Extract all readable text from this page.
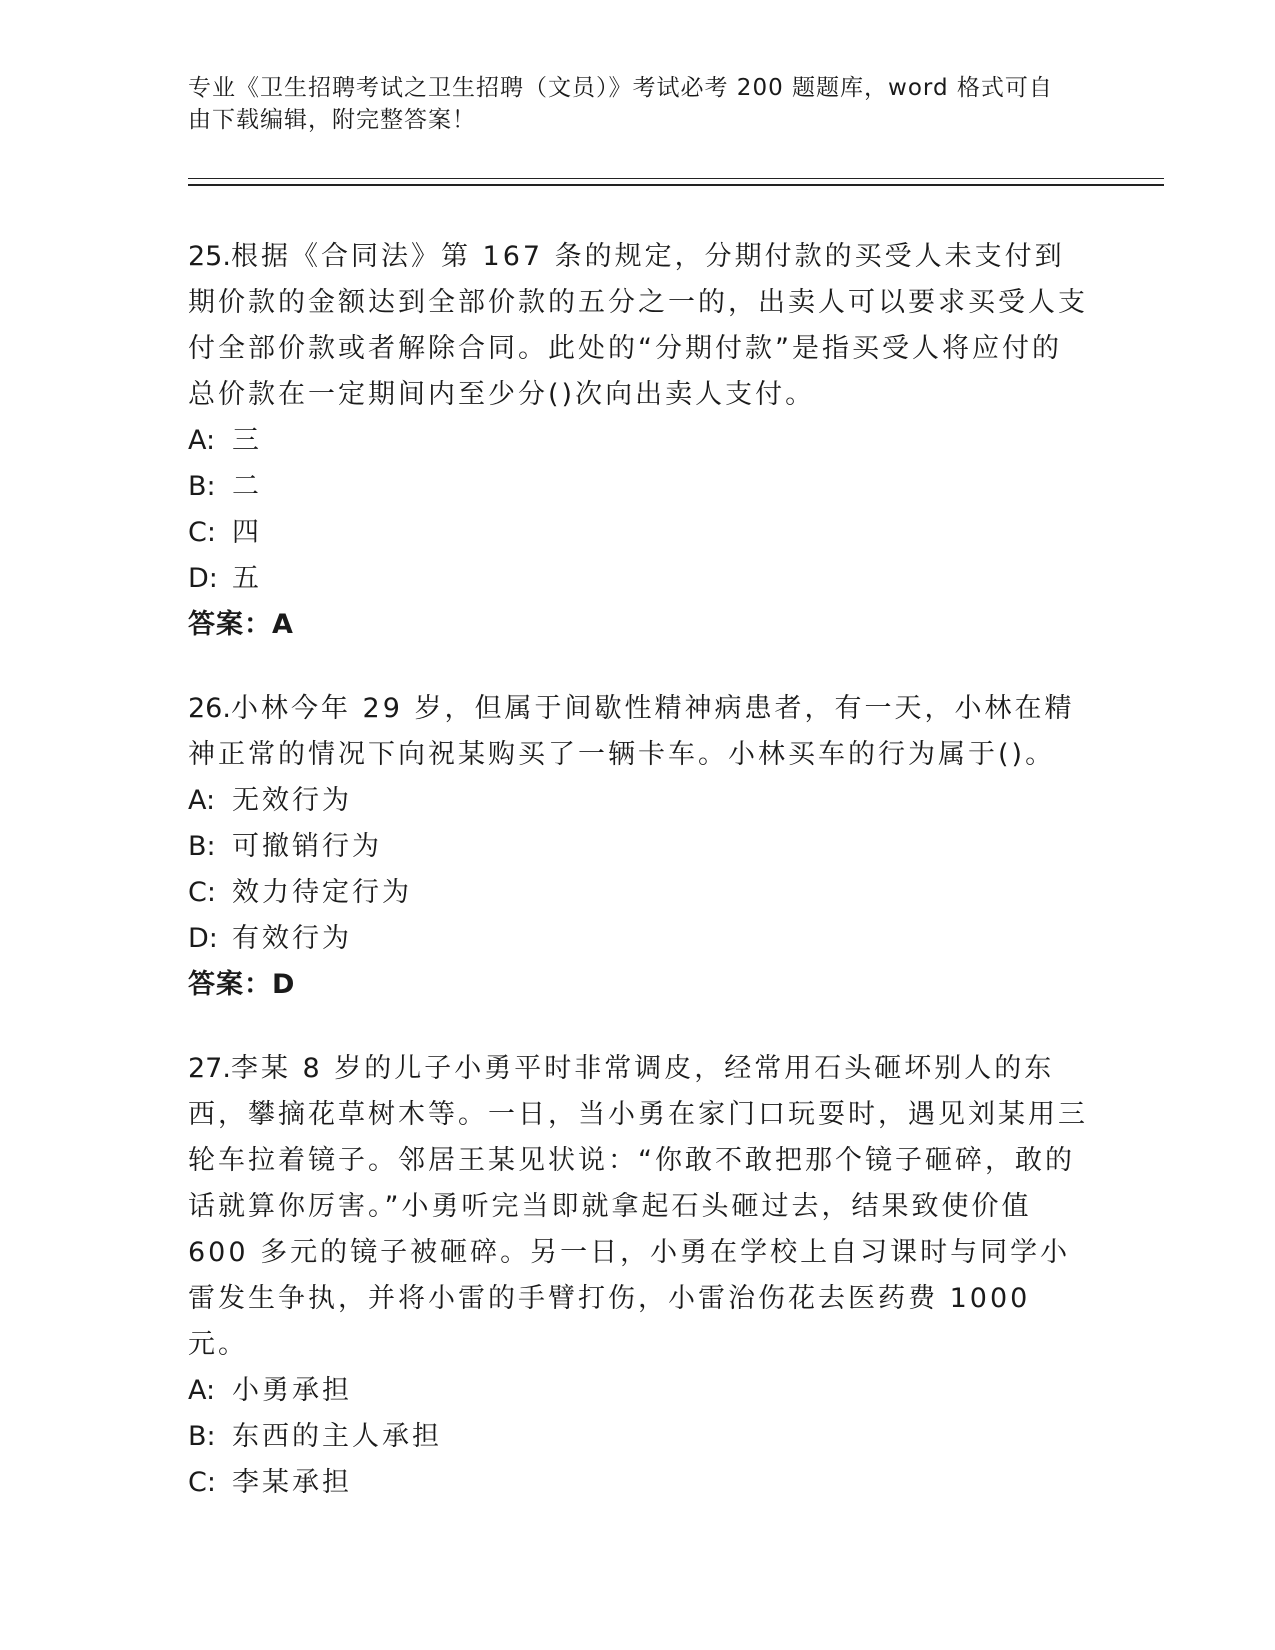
专业《卫生招聘考试之卫生招聘（文员）》考试必考 200 题题库，word 格式可自由下载编辑，附完整答案！

25.根据《合同法》第 167 条的规定，分期付款的买受人未支付到期价款的金额达到全部价款的五分之一的，出卖人可以要求买受人支付全部价款或者解除合同。此处的“分期付款”是指买受人将应付的总价款在一定期间内至少分()次向出卖人支付。

A: 三

B: 二

C: 四

D: 五

答案：A

26.小林今年 29 岁，但属于间歇性精神病患者，有一天，小林在精神正常的情况下向祝某购买了一辆卡车。小林买车的行为属于()。

A: 无效行为

B: 可撤销行为

C: 效力待定行为

D: 有效行为

答案：D

27.李某 8 岁的儿子小勇平时非常调皮，经常用石头砸坏别人的东西，攀摘花草树木等。一日，当小勇在家门口玩耍时，遇见刘某用三轮车拉着镜子。邻居王某见状说：“你敢不敢把那个镜子砸碎，敢的话就算你厉害。”小勇听完当即就拿起石头砸过去，结果致使价值 600 多元的镜子被砸碎。另一日，小勇在学校上自习课时与同学小雷发生争执，并将小雷的手臂打伤，小雷治伤花去医药费 1000 元。

A: 小勇承担

B: 东西的主人承担

C: 李某承担
